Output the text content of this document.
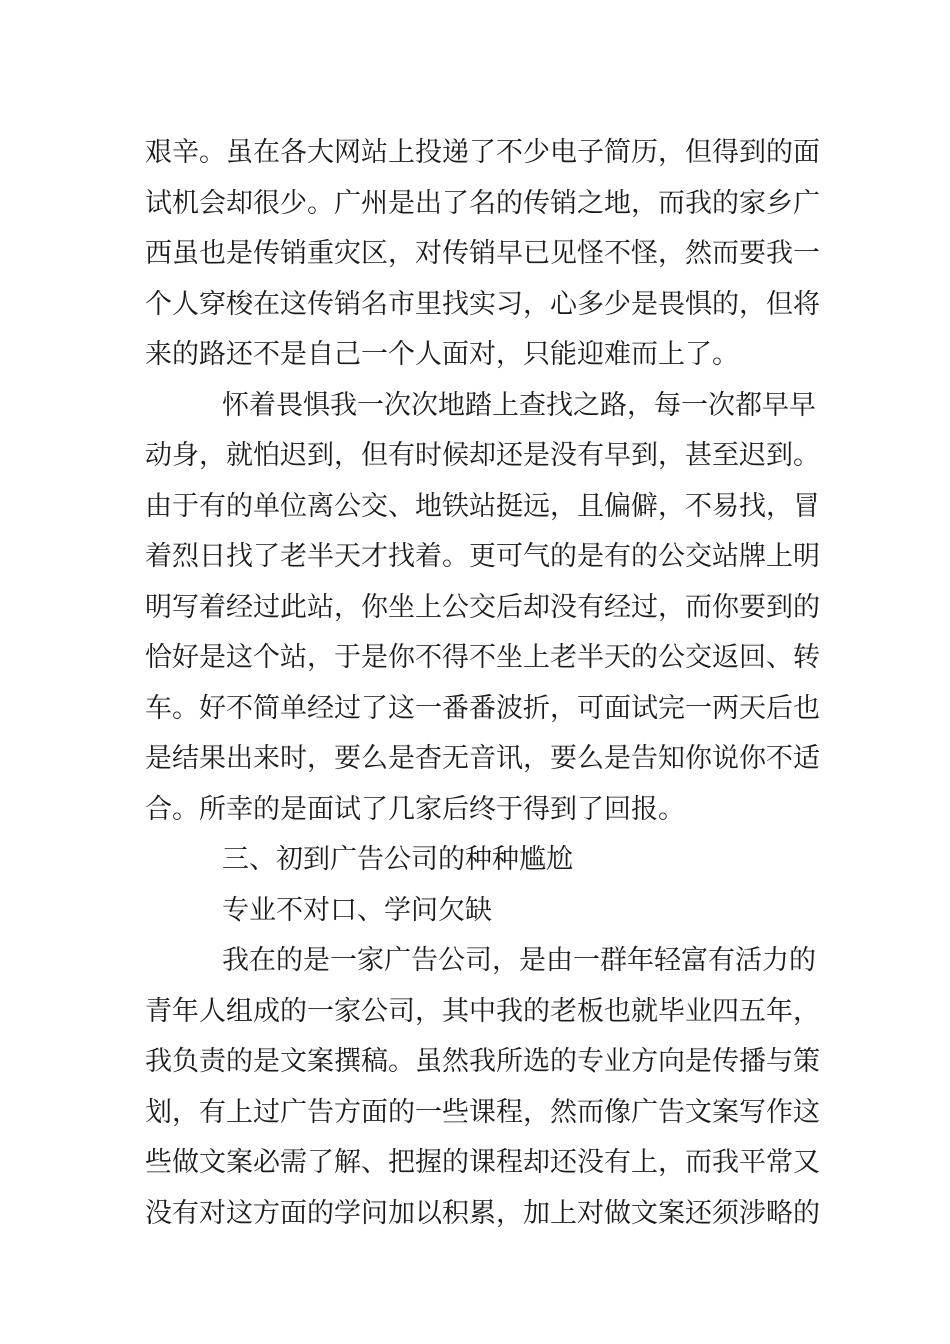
艰辛。虽在各大网站上投递了不少电子简历，但得到的面
试机会却很少。广州是出了名的传销之地，而我的家乡广
西虽也是传销重灾区，对传销早已见怪不怪，然而要我一
个人穿梭在这传销名市里找实习，心多少是畏惧的，但将
来的路还不是自己一个人面对，只能迎难而上了。
怀着畏惧我一次次地踏上查找之路，每一次都早早
动身，就怕迟到，但有时候却还是没有早到，甚至迟到。
由于有的单位离公交、地铁站挺远，且偏僻，不易找，冒
着烈日找了老半天才找着。更可气的是有的公交站牌上明
明写着经过此站，你坐上公交后却没有经过，而你要到的
恰好是这个站，于是你不得不坐上老半天的公交返回、转
车。好不简单经过了这一番番波折，可面试完一两天后也
是结果出来时，要么是杳无音讯，要么是告知你说你不适
合。所幸的是面试了几家后终于得到了回报。
三、初到广告公司的种种尴尬
专业不对口、学问欠缺
我在的是一家广告公司，是由一群年轻富有活力的
青年人组成的一家公司，其中我的老板也就毕业四五年，
我负责的是文案撰稿。虽然我所选的专业方向是传播与策
划，有上过广告方面的一些课程，然而像广告文案写作这
些做文案必需了解、把握的课程却还没有上，而我平常又
没有对这方面的学问加以积累，加上对做文案还须涉略的
